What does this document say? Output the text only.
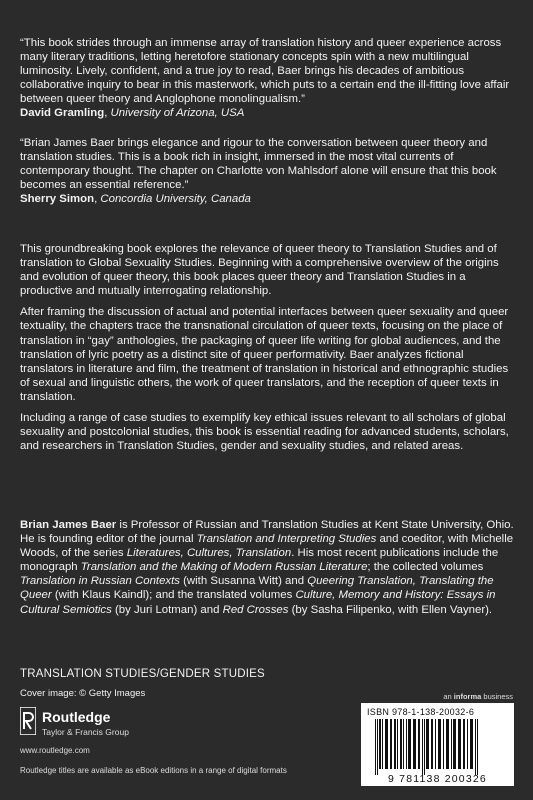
“This book strides through an immense array of translation history and queer experience across many literary traditions, letting heretofore stationary concepts spin with a new multilingual luminosity. Lively, confident, and a true joy to read, Baer brings his decades of ambitious collaborative inquiry to bear in this masterwork, which puts to a certain end the ill-fitting love affair between queer theory and Anglophone monolingualism.”

David Gramling, University of Arizona, USA

“Brian James Baer brings elegance and rigour to the conversation between queer theory and translation studies. This is a book rich in insight, immersed in the most vital currents of contemporary thought. The chapter on Charlotte von Mahlsdorf alone will ensure that this book becomes an essential reference.”

Sherry Simon, Concordia University, Canada

This groundbreaking book explores the relevance of queer theory to Translation Studies and of translation to Global Sexuality Studies. Beginning with a comprehensive overview of the origins and evolution of queer theory, this book places queer theory and Translation Studies in a productive and mutually interrogating relationship.

After framing the discussion of actual and potential interfaces between queer sexuality and queer textuality, the chapters trace the transnational circulation of queer texts, focusing on the place of translation in “gay” anthologies, the packaging of queer life writing for global audiences, and the translation of lyric poetry as a distinct site of queer performativity. Baer analyzes fictional translators in literature and film, the treatment of translation in historical and ethnographic studies of sexual and linguistic others, the work of queer translators, and the reception of queer texts in translation.

Including a range of case studies to exemplify key ethical issues relevant to all scholars of global sexuality and postcolonial studies, this book is essential reading for advanced students, scholars, and researchers in Translation Studies, gender and sexuality studies, and related areas.

Brian James Baer is Professor of Russian and Translation Studies at Kent State University, Ohio. He is founding editor of the journal Translation and Interpreting Studies and coeditor, with Michelle Woods, of the series Literatures, Cultures, Translation. His most recent publications include the monograph Translation and the Making of Modern Russian Literature; the collected volumes Translation in Russian Contexts (with Susanna Witt) and Queering Translation, Translating the Queer (with Klaus Kaindl); and the translated volumes Culture, Memory and History: Essays in Cultural Semiotics (by Juri Lotman) and Red Crosses (by Sasha Filipenko, with Ellen Vayner).
TRANSLATION STUDIES/GENDER STUDIES
Cover image: © Getty Images
Routledge
Taylor & Francis Group
www.routledge.com
Routledge titles are available as eBook editions in a range of digital formats
an informa business
ISBN 978-1-138-20032-6
9 781138 200326
